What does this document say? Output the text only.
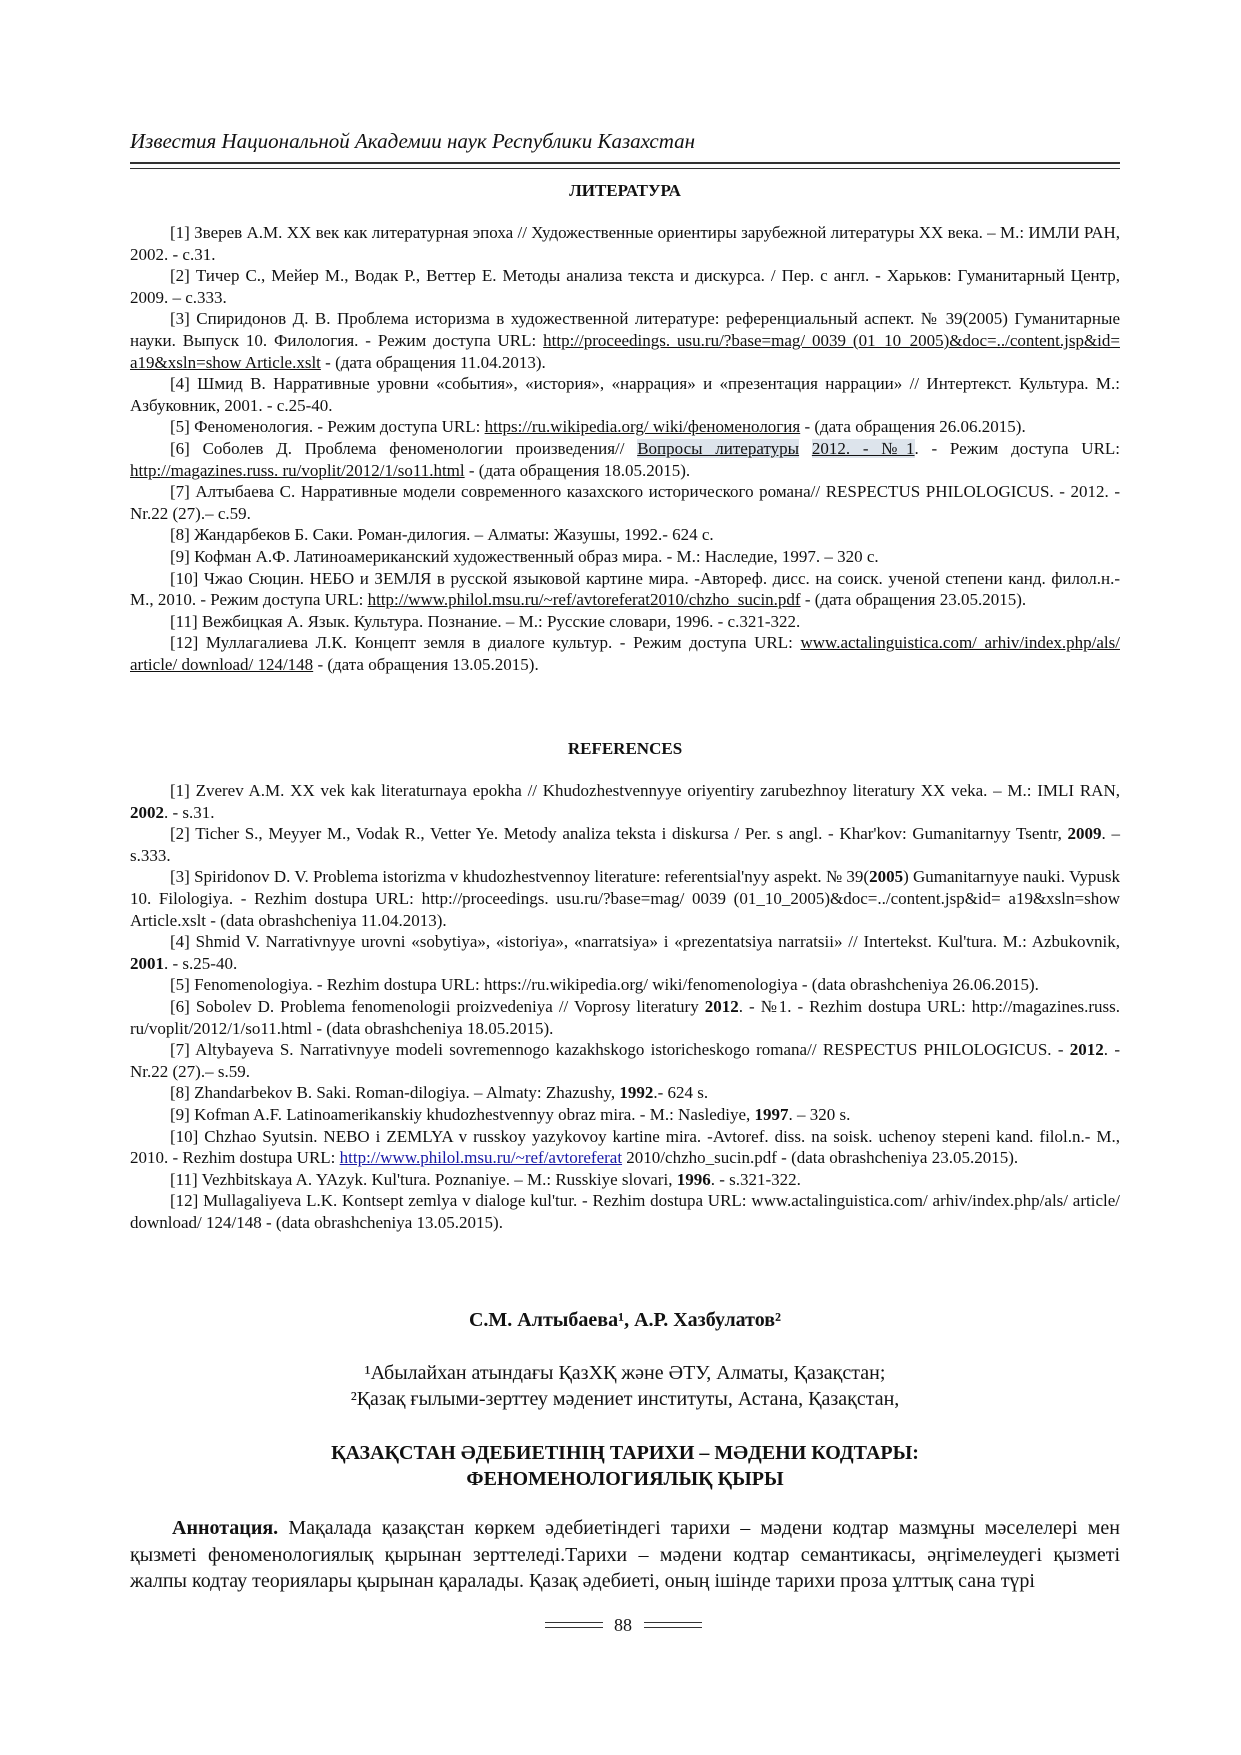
Известия Национальной Академии наук Республики Казахстан
ЛИТЕРАТУРА

[1] Зверев А.М. XX век как литературная эпоха // Художественные ориентиры зарубежной литературы XX века. – М.: ИМЛИ РАН, 2002. - с.31.

[2] Тичер С., Мейер М., Водак Р., Веттер Е. Методы анализа текста и дискурса. / Пер. с англ. - Харьков: Гуманитарный Центр, 2009. – с.333.

[3] Спиридонов Д. В. Проблема историзма в художественной литературе: референциальный аспект. № 39(2005) Гуманитарные науки. Выпуск 10. Филология. - Режим доступа URL: http://proceedings. usu.ru/?base=mag/ 0039 (01_10_2005)&doc=../content.jsp&id= a19&xsln=show Article.xslt - (дата обращения 11.04.2013).

[4] Шмид В. Нарративные уровни «события», «история», «наррация» и «презентация наррации» // Интертекст. Культура. М.: Азбуковник, 2001. - с.25-40.

[5] Феноменология. - Режим доступа URL: https://ru.wikipedia.org/ wiki/феноменология - (дата обращения 26.06.2015).

[6] Соболев Д. Проблема феноменологии произведения// Вопросы литературы 2012. - №1. - Режим доступа URL: http://magazines.russ. ru/voplit/2012/1/so11.html - (дата обращения 18.05.2015).

[7] Алтыбаева С. Нарративные модели современного казахского исторического романа// RESPECTUS PHILOLOGICUS. - 2012. - Nr.22 (27).– c.59.

[8] Жандарбеков Б. Саки. Роман-дилогия. – Алматы: Жазушы, 1992.- 624 с.

[9] Кофман А.Ф. Латиноамериканский художественный образ мира. - М.: Наследие, 1997. – 320 с.

[10] Чжао Сюцин. НЕБО и ЗЕМЛЯ в русской языковой картине мира. -Автореф. дисс. на соиск. ученой степени канд. филол.н.- М., 2010. - Режим доступа URL: http://www.philol.msu.ru/~ref/avtoreferat2010/chzho_sucin.pdf - (дата обращения 23.05.2015).

[11] Вежбицкая А. Язык. Культура. Познание. – М.: Русские словари, 1996. - с.321-322.

[12] Муллагалиева Л.К. Концепт земля в диалоге культур. - Режим доступа URL: www.actalinguistica.com/ arhiv/index.php/als/ article/ download/ 124/148 - (дата обращения 13.05.2015).

REFERENCES

[1] Zverev A.M. XX vek kak literaturnaya epokha // Khudozhestvennyye oriyentiry zarubezhnoy literatury XX veka. – M.: IMLI RAN, 2002. - s.31.

[2] Ticher S., Meyyer M., Vodak R., Vetter Ye. Metody analiza teksta i diskursa / Per. s angl. - Khar'kov: Gumanitarnyy Tsentr, 2009. – s.333.

[3] Spiridonov D. V. Problema istorizma v khudozhestvennoy literature: referentsial'nyy aspekt. № 39(2005) Gumanitarnyye nauki. Vypusk 10. Filologiya. - Rezhim dostupa URL: http://proceedings. usu.ru/?base=mag/ 0039 (01_10_2005)&doc=../content.jsp&id= a19&xsln=show Article.xslt - (data obrashcheniya 11.04.2013).

[4] Shmid V. Narrativnyye urovni «sobytiya», «istoriya», «narratsiya» i «prezentatsiya narratsii» // Intertekst. Kul'tura. M.: Azbukovnik, 2001. - s.25-40.

[5] Fenomenologiya. - Rezhim dostupa URL: https://ru.wikipedia.org/ wiki/fenomenologiya - (data obrashcheniya 26.06.2015).

[6] Sobolev D. Problema fenomenologii proizvedeniya // Voprosy literatury 2012. - №1. - Rezhim dostupa URL: http://magazines.russ. ru/voplit/2012/1/so11.html - (data obrashcheniya 18.05.2015).

[7] Altybayeva S. Narrativnyye modeli sovremennogo kazakhskogo istoricheskogo romana// RESPECTUS PHILOLOGICUS. - 2012. - Nr.22 (27).– s.59.

[8] Zhandarbekov B. Saki. Roman-dilogiya. – Almaty: Zhazushy, 1992.- 624 s.

[9] Kofman A.F. Latinoamerikanskiy khudozhestvennyy obraz mira. - M.: Naslediye, 1997. – 320 s.

[10] Chzhao Syutsin. NEBO i ZEMLYA v russkoy yazykovoy kartine mira. -Avtoref. diss. na soisk. uchenoy stepeni kand. filol.n.- M., 2010. - Rezhim dostupa URL: http://www.philol.msu.ru/~ref/avtoreferat 2010/chzho_sucin.pdf - (data obrashcheniya 23.05.2015).

[11] Vezhbitskaya A. YAzyk. Kul'tura. Poznaniye. – M.: Russkiye slovari, 1996. - s.321-322.

[12] Mullagaliyeva L.K. Kontsept zemlya v dialoge kul'tur. - Rezhim dostupa URL: www.actalinguistica.com/ arhiv/index.php/als/ article/ download/ 124/148 - (data obrashcheniya 13.05.2015).

С.М. Алтыбаева¹, А.Р. Хазбулатов²
¹Абылайхан атындағы ҚазХҚ және ӘТУ, Алматы, Қазақстан;
²Қазақ ғылыми-зерттеу мәдениет институты, Астана, Қазақстан,
ҚАЗАҚСТАН ӘДЕБИЕТІНІҢ ТАРИХИ – МӘДЕНИ КОДТАРЫ:
ФЕНОМЕНОЛОГИЯЛЫҚ ҚЫРЫ
Аннотация. Мақалада қазақстан көркем әдебиетіндегі тарихи – мәдени кодтар мазмұны мәселелері мен қызметі феноменологиялық қырынан зерттеледі.Тарихи – мәдени кодтар семантикасы, әңгімелеудегі қызметі жалпы кодтау теориялары қырынан қаралады. Қазақ әдебиеті, оның ішінде тарихи проза ұлттық сана түрі
88
